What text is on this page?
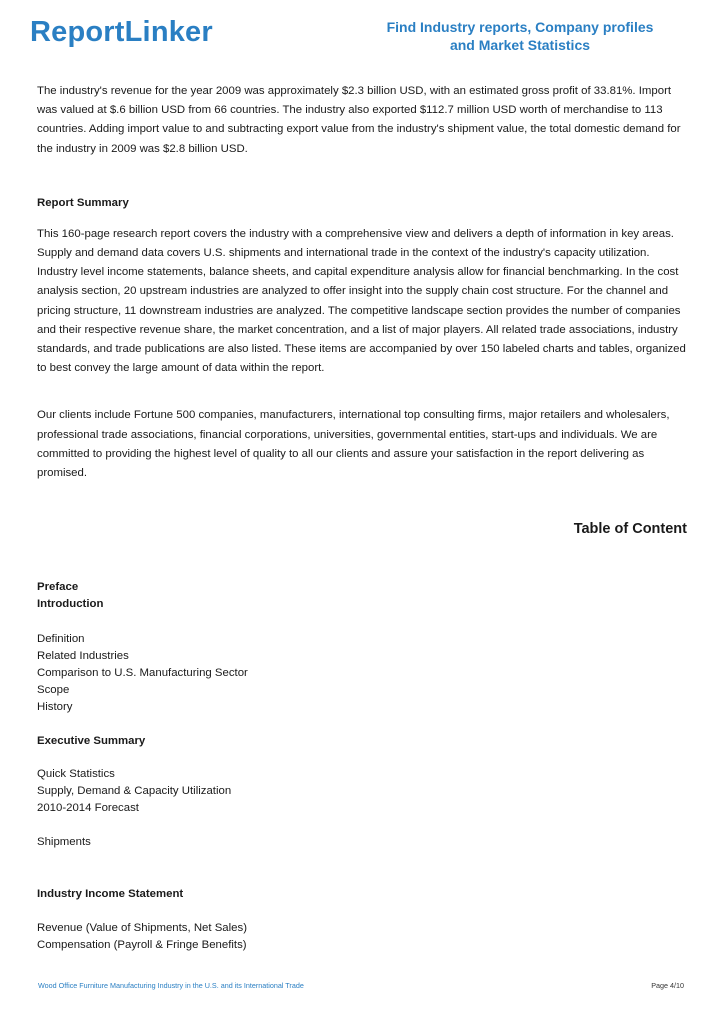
ReportLinker	Find Industry reports, Company profiles
and Market Statistics

The industry's revenue for the year 2009 was approximately $2.3 billion USD, with an estimated gross profit of 33.81%. Import was valued at $.6 billion USD from 66 countries. The industry also exported $112.7 million USD worth of merchandise to 113 countries. Adding import value to and subtracting export value from the industry's shipment value, the total domestic demand for the industry in 2009 was $2.8 billion USD.

Report Summary

This 160-page research report covers the industry with a comprehensive view and delivers a depth of information in key areas. Supply and demand data covers U.S. shipments and international trade in the context of the industry's capacity utilization. Industry level income statements, balance sheets, and capital expenditure analysis allow for financial benchmarking. In the cost analysis section, 20 upstream industries are analyzed to offer insight into the supply chain cost structure. For the channel and pricing structure, 11 downstream industries are analyzed. The competitive landscape section provides the number of companies and their respective revenue share, the market concentration, and a list of major players. All related trade associations, industry standards, and trade publications are also listed. These items are accompanied by over 150 labeled charts and tables, organized to best convey the large amount of data within the report.

Our clients include Fortune 500 companies, manufacturers, international top consulting firms, major retailers and wholesalers, professional trade associations, financial corporations, universities, governmental entities, start-ups and individuals. We are committed to providing the highest level of quality to all our clients and assure your satisfaction in the report delivering as promised.

Table of Content
Preface
Introduction
Definition
Related Industries
Comparison to U.S. Manufacturing Sector
Scope
History
Executive Summary
Quick Statistics
Supply, Demand & Capacity Utilization
2010-2014 Forecast
Shipments
Industry Income Statement
Revenue (Value of Shipments, Net Sales)
Compensation (Payroll & Fringe Benefits)
Wood Office Furniture Manufacturing Industry in the U.S. and its International Trade	Page 4/10
